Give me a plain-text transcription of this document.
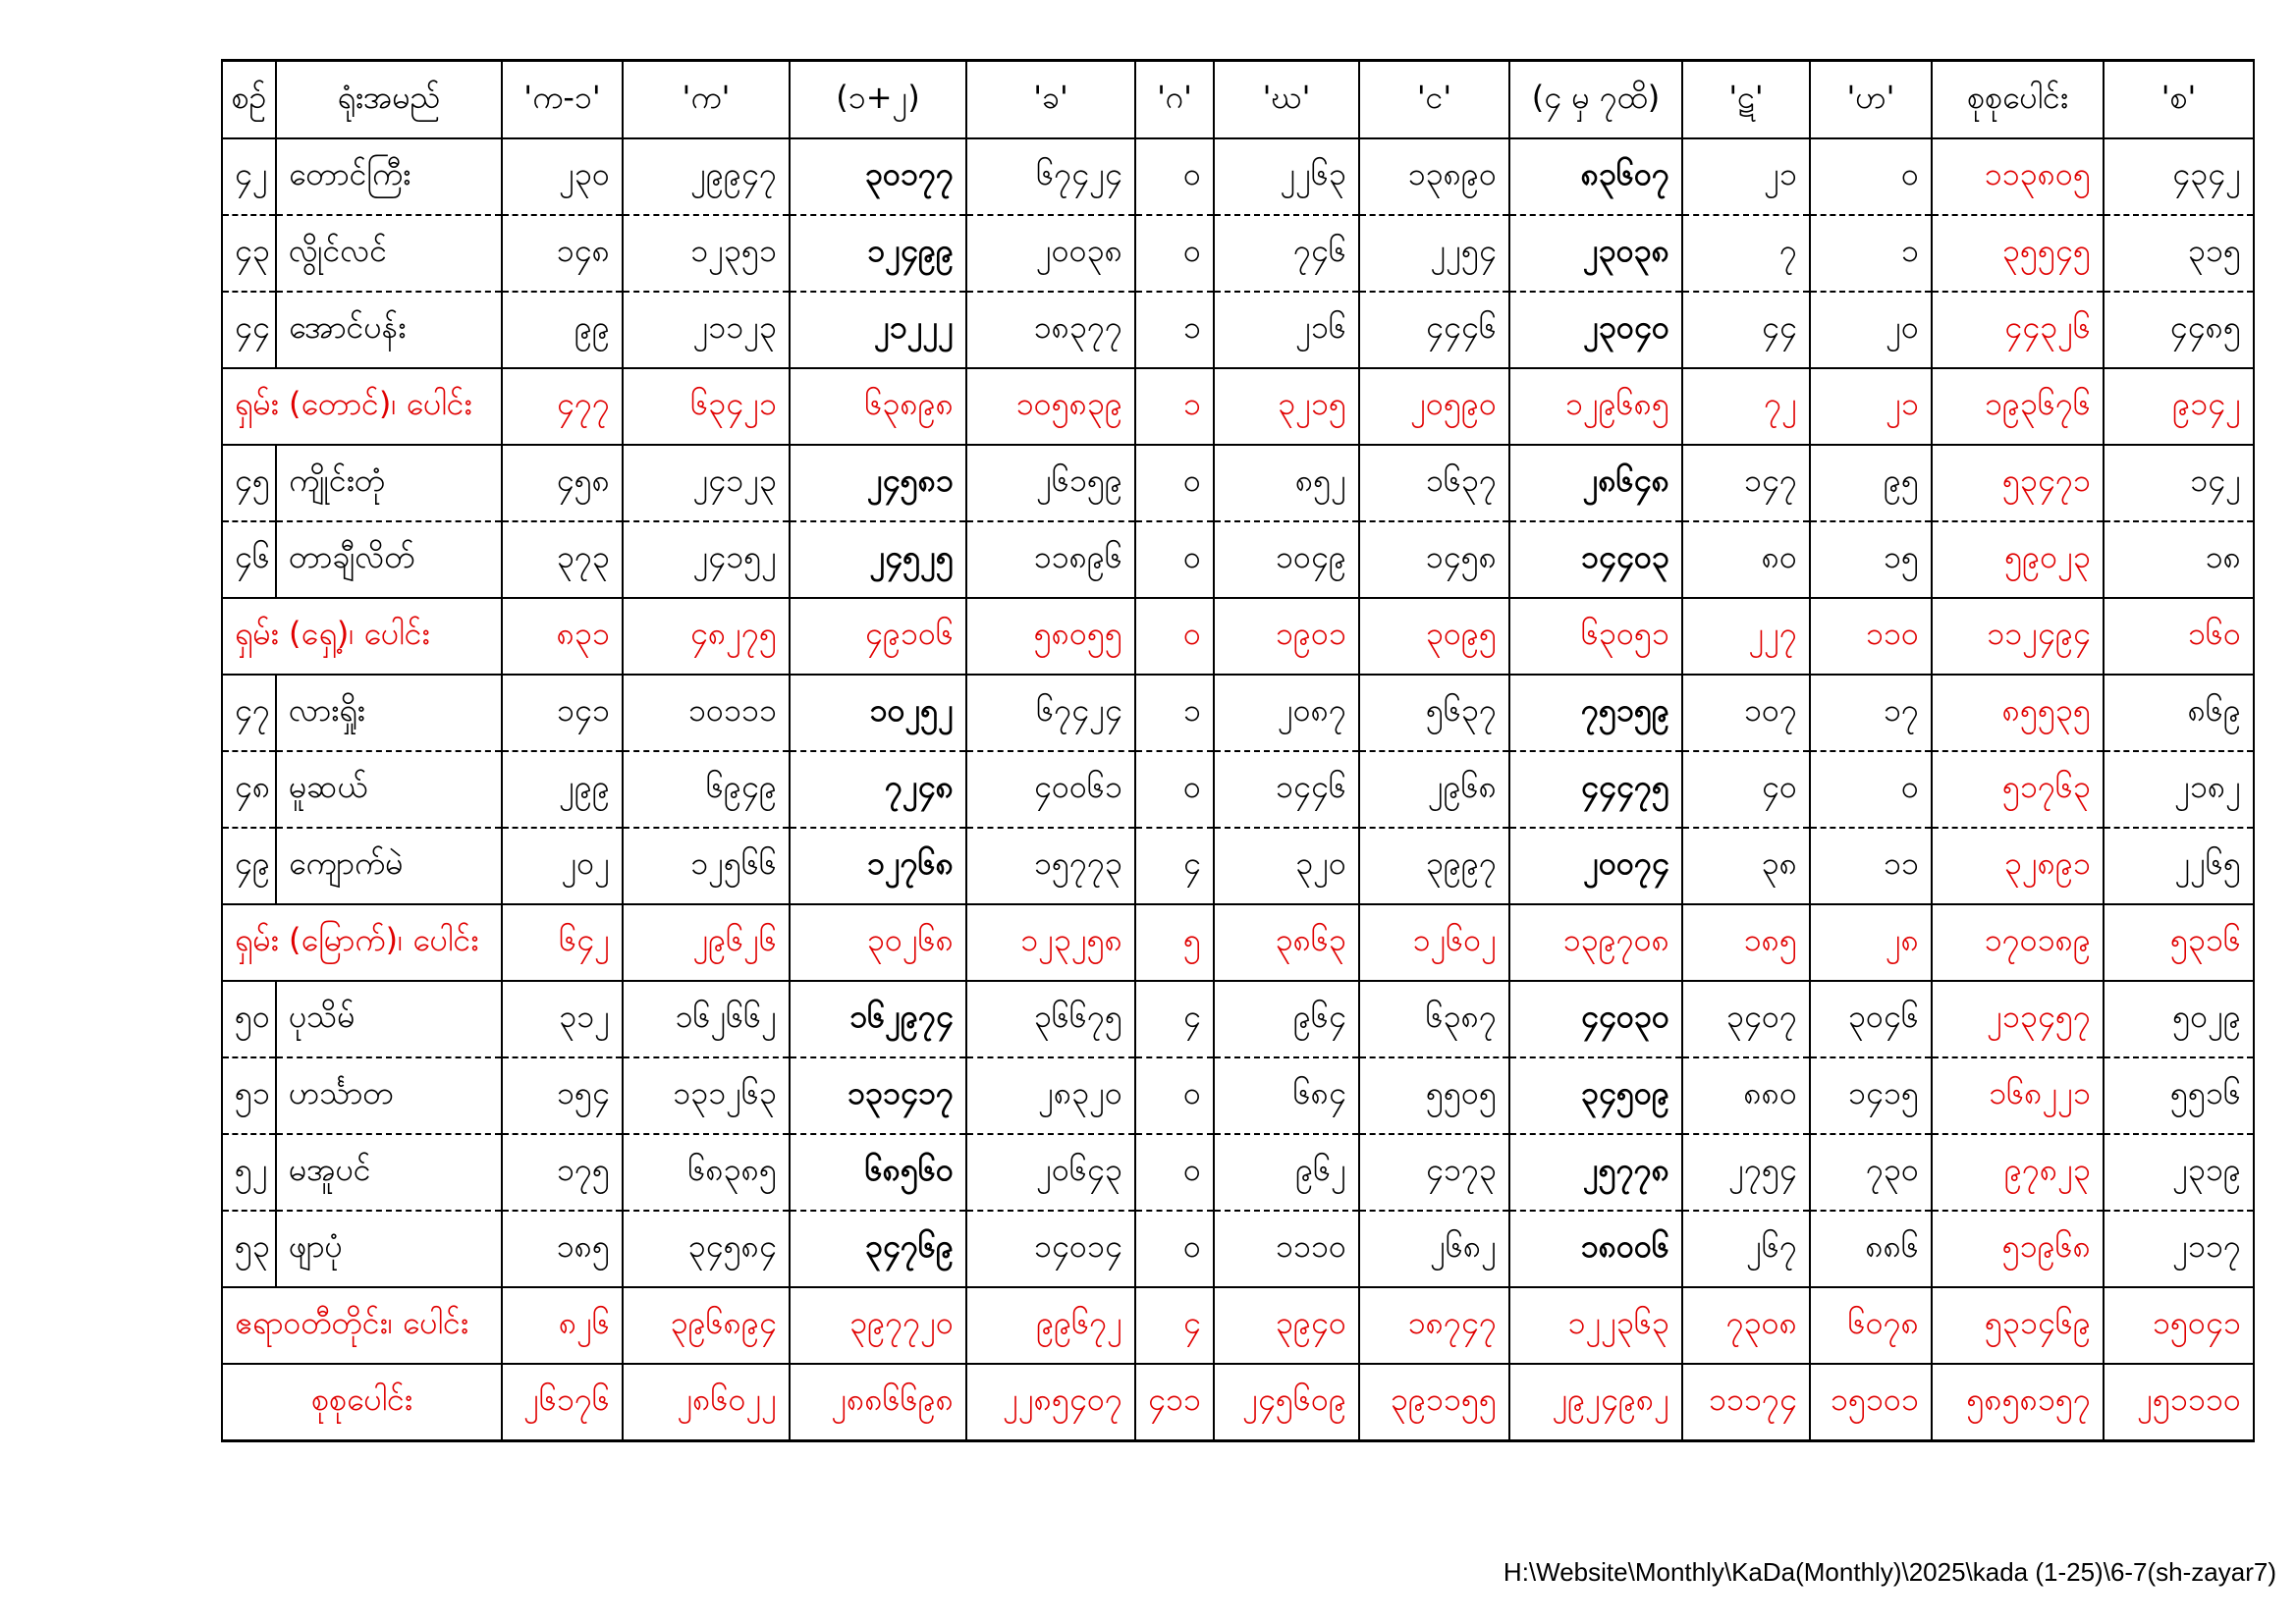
စဉ်	ရုံးအမည်	'က-၁'	'က'	(၁+၂)	'ခ'	'ဂ'	'ဃ'	'င'	(၄ မှ ၇ထိ)	'ဋ'	'ဟ'	စုစုပေါင်း	'စ'
၄၂	တောင်ကြီး	၂၃၀	၂၉၉၄၇	၃၀၁၇၇	၆၇၄၂၄	၀	၂၂၆၃	၁၃၈၉၀	၈၃၆၀၇	၂၁	၀	၁၁၃၈၀၅	၄၃၄၂
၄၃	လွိုင်လင်	၁၄၈	၁၂၃၅၁	၁၂၄၉၉	၂၀၀၃၈	၀	၇၄၆	၂၂၅၄	၂၃၀၃၈	၇	၁	၃၅၅၄၅	၃၁၅
၄၄	အောင်ပန်း	၉၉	၂၁၁၂၃	၂၁၂၂၂	၁၈၃၇၇	၁	၂၁၆	၄၄၄၆	၂၃၀၄၀	၄၄	၂၀	၄၄၃၂၆	၄၄၈၅
ရှမ်း (တောင်)၊ ပေါင်း		၄၇၇	၆၃၄၂၁	၆၃၈၉၈	၁၀၅၈၃၉	၁	၃၂၁၅	၂၀၅၉၀	၁၂၉၆၈၅	၇၂	၂၁	၁၉၃၆၇၆	၉၁၄၂
၄၅	ကျိုင်းတုံ	၄၅၈	၂၄၁၂၃	၂၄၅၈၁	၂၆၁၅၉	၀	၈၅၂	၁၆၃၇	၂၈၆၄၈	၁၄၇	၉၅	၅၃၄၇၁	၁၄၂
၄၆	တာချီလိတ်	၃၇၃	၂၄၁၅၂	၂၄၅၂၅	၁၁၈၉၆	၀	၁၀၄၉	၁၄၅၈	၁၄၄၀၃	၈၀	၁၅	၅၉၀၂၃	၁၈
ရှမ်း (ရှေ့)၊ ပေါင်း		၈၃၁	၄၈၂၇၅	၄၉၁၀၆	၅၈၀၅၅	၀	၁၉၀၁	၃၀၉၅	၆၃၀၅၁	၂၂၇	၁၁၀	၁၁၂၄၉၄	၁၆၀
၄၇	လားရှိုး	၁၄၁	၁၀၁၁၁	၁၀၂၅၂	၆၇၄၂၄	၁	၂၀၈၇	၅၆၃၇	၇၅၁၅၉	၁၀၇	၁၇	၈၅၅၃၅	၈၆၉
၄၈	မူဆယ်	၂၉၉	၆၉၄၉	၇၂၄၈	၄၀၀၆၁	၀	၁၄၄၆	၂၉၆၈	၄၄၄၇၅	၄၀	၀	၅၁၇၆၃	၂၁၈၂
၄၉	ကျောက်မဲ	၂၀၂	၁၂၅၆၆	၁၂၇၆၈	၁၅၇၇၃	၄	၃၂၀	၃၉၉၇	၂၀၀၇၄	၃၈	၁၁	၃၂၈၉၁	၂၂၆၅
ရှမ်း (မြောက်)၊ ပေါင်း		၆၄၂	၂၉၆၂၆	၃၀၂၆၈	၁၂၃၂၅၈	၅	၃၈၆၃	၁၂၆၀၂	၁၃၉၇၀၈	၁၈၅	၂၈	၁၇၀၁၈၉	၅၃၁၆
၅၀	ပုသိမ်	၃၁၂	၁၆၂၆၆၂	၁၆၂၉၇၄	၃၆၆၇၅	၄	၉၆၄	၆၃၈၇	၄၄၀၃၀	၃၄၀၇	၃၀၄၆	၂၁၃၄၅၇	၅၀၂၉
၅၁	ဟင်္သာတ	၁၅၄	၁၃၁၂၆၃	၁၃၁၄၁၇	၂၈၃၂၀	၀	၆၈၄	၅၅၀၅	၃၄၅၀၉	၈၈၀	၁၄၁၅	၁၆၈၂၂၁	၅၅၁၆
၅၂	မအူပင်	၁၇၅	၆၈၃၈၅	၆၈၅၆၀	၂၀၆၄၃	၀	၉၆၂	၄၁၇၃	၂၅၇၇၈	၂၇၅၄	၇၃၀	၉၇၈၂၃	၂၃၁၉
၅၃	ဖျာပုံ	၁၈၅	၃၄၅၈၄	၃၄၇၆၉	၁၄၀၁၄	၀	၁၁၁၀	၂၆၈၂	၁၈၀၀၆	၂၆၇	၈၈၆	၅၁၉၆၈	၂၁၁၇
ဧရာဝတီတိုင်း၊ ပေါင်း		၈၂၆	၃၉၆၈၉၄	၃၉၇၇၂၀	၉၉၆၇၂	၄	၃၉၄၀	၁၈၇၄၇	၁၂၂၃၆၃	၇၃၀၈	၆၀၇၈	၅၃၁၄၆၉	၁၅၀၄၁
စုစုပေါင်း		၂၆၁၇၆	၂၈၆၀၂၂	၂၈၈၆၆၉၈	၂၂၈၅၄၀၇	၄၁၁	၂၄၅၆၀၉	၃၉၁၁၅၅	၂၉၂၄၉၈၂	၁၁၁၇၄	၁၅၁၀၁	၅၈၅၈၁၅၇	၂၅၁၁၁၀
H:\Website\Monthly\KaDa(Monthly)\2025\kada (1-25)\6-7(sh-zayar7)
